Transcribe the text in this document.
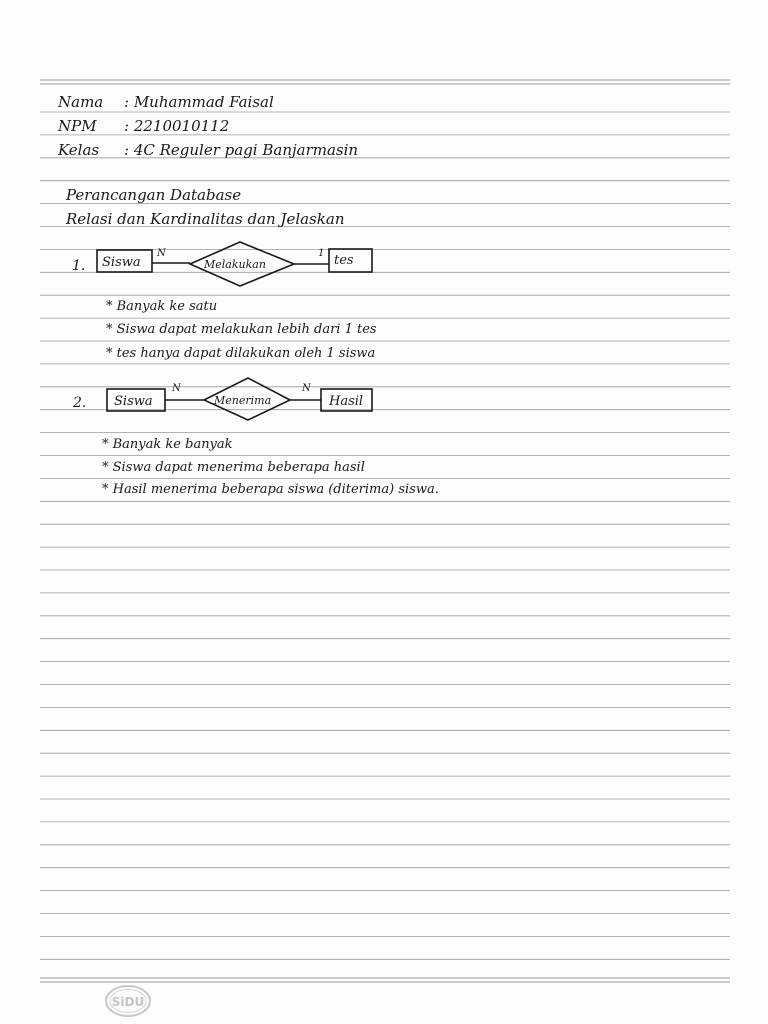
Nama : Muhammad Faisal
NPM : 2210010112
Kelas : 4C Reguler pagi Banjarmasin
Perancangan Database
Relasi dan Kardinalitas dan Jelaskan
1. Siswa
N
Melakukan
1 tes
2. Siswa
N
Menerima
N
Hasil
* Banyak ke satu
* Siswa dapat melakukan lebih dari 1 tes
* tes hanya dapat dilakukan oleh 1 siswa
* Banyak ke banyak
* Siswa dapat menerima beberapa hasil
* Hasil menerima beberapa siswa (diterima) siswa.
SiDU
